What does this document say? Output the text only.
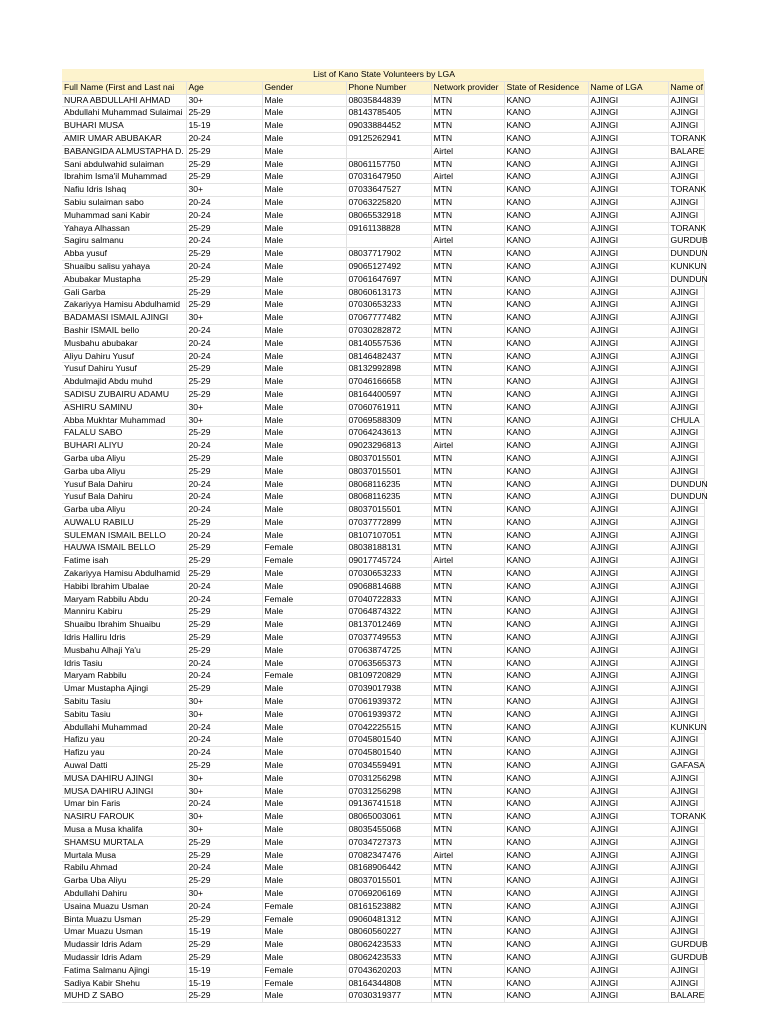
List of Kano State Volunteers by LGA							
Full Name (First and Last nai	Age	Gender	Phone Number	Network provider	State of Residence	Name of LGA	Name of
NURA ABDULLAHI AHMAD	30+	Male	08035844839	MTN	KANO	AJINGI	AJINGI
Abdullahi Muhammad Sulaimai	25-29	Male	08143785405	MTN	KANO	AJINGI	AJINGI
BUHARI MUSA	15-19	Male	09033884452	MTN	KANO	AJINGI	AJINGI
AMIR UMAR ABUBAKAR	20-24	Male	09125262941	MTN	KANO	AJINGI	TORANK
BABANGIDA ALMUSTAPHA D.	25-29	Male		Airtel	KANO	AJINGI	BALARE
Sani abdulwahid sulaiman	25-29	Male	08061157750	MTN	KANO	AJINGI	AJINGI
Ibrahim Isma'il Muhammad	25-29	Male	07031647950	Airtel	KANO	AJINGI	AJINGI
Nafiu Idris Ishaq	30+	Male	07033647527	MTN	KANO	AJINGI	TORANK
Sabiu sulaiman sabo	20-24	Male	07063225820	MTN	KANO	AJINGI	AJINGI
Muhammad sani Kabir	20-24	Male	08065532918	MTN	KANO	AJINGI	AJINGI
Yahaya Alhassan	25-29	Male	09161138828	MTN	KANO	AJINGI	TORANK
Sagiru salmanu	20-24	Male		Airtel	KANO	AJINGI	GURDUB
Abba yusuf	25-29	Male	08037717902	MTN	KANO	AJINGI	DUNDUN
Shuaibu salisu yahaya	20-24	Male	09065127492	MTN	KANO	AJINGI	KUNKUN
Abubakar Mustapha	25-29	Male	07061647697	MTN	KANO	AJINGI	DUNDUN
Gali Garba	25-29	Male	08060613173	MTN	KANO	AJINGI	AJINGI
Zakariyya Hamisu Abdulhamid	25-29	Male	07030653233	MTN	KANO	AJINGI	AJINGI
BADAMASI ISMAIL AJINGI	30+	Male	07067777482	MTN	KANO	AJINGI	AJINGI
Bashir ISMAIL bello	20-24	Male	07030282872	MTN	KANO	AJINGI	AJINGI
Musbahu abubakar	20-24	Male	08140557536	MTN	KANO	AJINGI	AJINGI
Aliyu Dahiru Yusuf	20-24	Male	08146482437	MTN	KANO	AJINGI	AJINGI
Yusuf Dahiru Yusuf	25-29	Male	08132992898	MTN	KANO	AJINGI	AJINGI
Abdulmajid Abdu muhd	25-29	Male	07046166658	MTN	KANO	AJINGI	AJINGI
SADISU ZUBAIRU ADAMU	25-29	Male	08164400597	MTN	KANO	AJINGI	AJINGI
ASHIRU SAMINU	30+	Male	07060761911	MTN	KANO	AJINGI	AJINGI
Abba Mukhtar Muhammad	30+	Male	07069588309	MTN	KANO	AJINGI	CHULA
FALALU SABO	25-29	Male	07064243613	MTN	KANO	AJINGI	AJINGI
BUHARI ALIYU	20-24	Male	09023296813	Airtel	KANO	AJINGI	AJINGI
Garba uba Aliyu	25-29	Male	08037015501	MTN	KANO	AJINGI	AJINGI
Garba uba Aliyu	25-29	Male	08037015501	MTN	KANO	AJINGI	AJINGI
Yusuf Bala Dahiru	20-24	Male	08068116235	MTN	KANO	AJINGI	DUNDUN
Yusuf Bala Dahiru	20-24	Male	08068116235	MTN	KANO	AJINGI	DUNDUN
Garba uba Aliyu	20-24	Male	08037015501	MTN	KANO	AJINGI	AJINGI
AUWALU RABILU	25-29	Male	07037772899	MTN	KANO	AJINGI	AJINGI
SULEMAN ISMAIL BELLO	20-24	Male	08107107051	MTN	KANO	AJINGI	AJINGI
HAUWA ISMAIL BELLO	25-29	Female	08038188131	MTN	KANO	AJINGI	AJINGI
Fatime isah	25-29	Female	09017745724	Airtel	KANO	AJINGI	AJINGI
Zakariyya Hamisu Abdulhamid	25-29	Male	07030653233	MTN	KANO	AJINGI	AJINGI
Habibi Ibrahim Ubalae	20-24	Male	09068814688	MTN	KANO	AJINGI	AJINGI
Maryam Rabbilu Abdu	20-24	Female	07040722833	MTN	KANO	AJINGI	AJINGI
Manniru Kabiru	25-29	Male	07064874322	MTN	KANO	AJINGI	AJINGI
Shuaibu Ibrahim Shuaibu	25-29	Male	08137012469	MTN	KANO	AJINGI	AJINGI
Idris Halliru Idris	25-29	Male	07037749553	MTN	KANO	AJINGI	AJINGI
Musbahu Alhaji Ya'u	25-29	Male	07063874725	MTN	KANO	AJINGI	AJINGI
Idris Tasiu	20-24	Male	07063565373	MTN	KANO	AJINGI	AJINGI
Maryam Rabbilu	20-24	Female	08109720829	MTN	KANO	AJINGI	AJINGI
Umar Mustapha Ajingi	25-29	Male	07039017938	MTN	KANO	AJINGI	AJINGI
Sabitu Tasiu	30+	Male	07061939372	MTN	KANO	AJINGI	AJINGI
Sabitu Tasiu	30+	Male	07061939372	MTN	KANO	AJINGI	AJINGI
Abdullahi Muhammad	20-24	Male	07042225515	MTN	KANO	AJINGI	KUNKUN
Hafizu yau	20-24	Male	07045801540	MTN	KANO	AJINGI	AJINGI
Hafizu yau	20-24	Male	07045801540	MTN	KANO	AJINGI	AJINGI
Auwal Datti	25-29	Male	07034559491	MTN	KANO	AJINGI	GAFASA
MUSA DAHIRU AJINGI	30+	Male	07031256298	MTN	KANO	AJINGI	AJINGI
MUSA DAHIRU AJINGI	30+	Male	07031256298	MTN	KANO	AJINGI	AJINGI
Umar bin Faris	20-24	Male	09136741518	MTN	KANO	AJINGI	AJINGI
NASIRU FAROUK	30+	Male	08065003061	MTN	KANO	AJINGI	TORANK
Musa a Musa khalifa	30+	Male	08035455068	MTN	KANO	AJINGI	AJINGI
SHAMSU MURTALA	25-29	Male	07034727373	MTN	KANO	AJINGI	AJINGI
Murtala Musa	25-29	Male	07082347476	Airtel	KANO	AJINGI	AJINGI
Rabilu Ahmad	20-24	Male	08168906442	MTN	KANO	AJINGI	AJINGI
Garba Uba Aliyu	25-29	Male	08037015501	MTN	KANO	AJINGI	AJINGI
Abdullahi Dahiru	30+	Male	07069206169	MTN	KANO	AJINGI	AJINGI
Usaina Muazu Usman	20-24	Female	08161523882	MTN	KANO	AJINGI	AJINGI
Binta Muazu Usman	25-29	Female	09060481312	MTN	KANO	AJINGI	AJINGI
Umar Muazu Usman	15-19	Male	08060560227	MTN	KANO	AJINGI	AJINGI
Mudassir Idris Adam	25-29	Male	08062423533	MTN	KANO	AJINGI	GURDUB
Mudassir Idris Adam	25-29	Male	08062423533	MTN	KANO	AJINGI	GURDUB
Fatima Salmanu Ajingi	15-19	Female	07043620203	MTN	KANO	AJINGI	AJINGI
Sadiya Kabir Shehu	15-19	Female	08164344808	MTN	KANO	AJINGI	AJINGI
MUHD Z SABO	25-29	Male	07030319377	MTN	KANO	AJINGI	BALARE
